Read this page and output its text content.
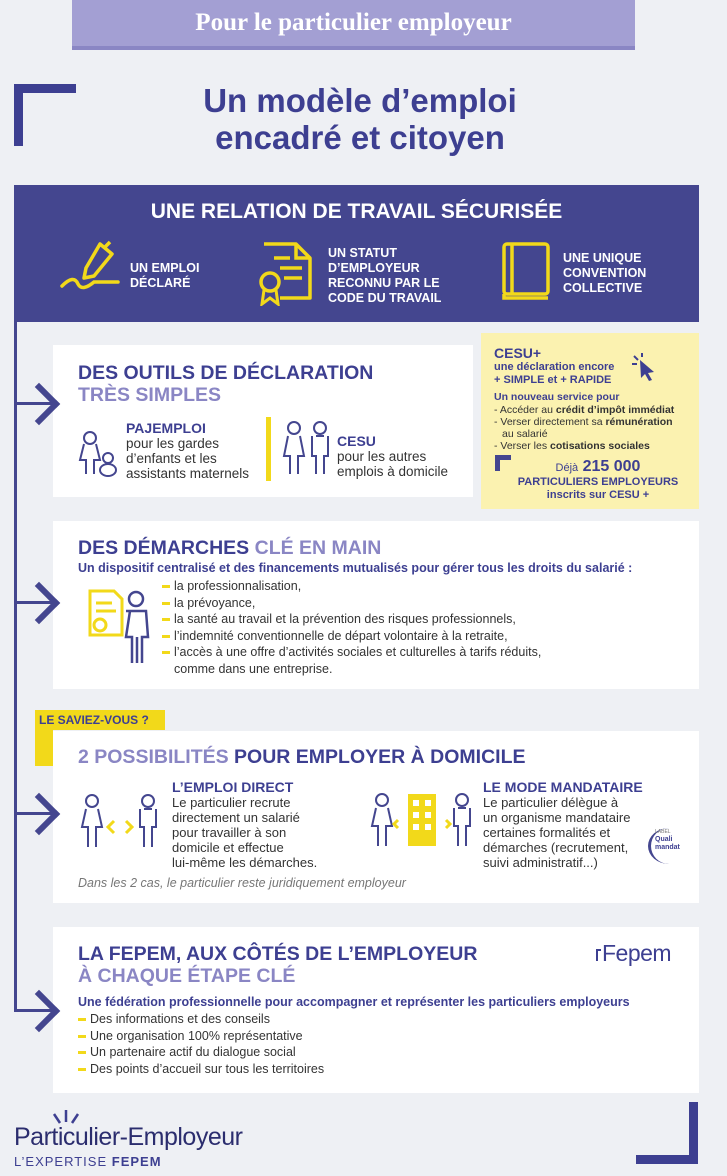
Pour le particulier employeur
Un modèle d’emploi
encadré et citoyen
UNE RELATION DE TRAVAIL SÉCURISÉE
UN EMPLOI
DÉCLARÉ
UN STATUT
D’EMPLOYEUR
RECONNU PAR LE
CODE DU TRAVAIL
UNE UNIQUE
CONVENTION
COLLECTIVE
DES OUTILS DE DÉCLARATION
TRÈS SIMPLES
PAJEMPLOI
pour les gardes
d’enfants et les
assistants maternels
CESU
pour les autres
emplois à domicile
CESU+
une déclaration encore
+ SIMPLE et + RAPIDE
Un nouveau service pour
- Accéder au crédit d’impôt immédiat
- Verser directement sa rémunération
au salarié
- Verser les cotisations sociales
Déjà 215 000
PARTICULIERS EMPLOYEURS
inscrits sur CESU +
DES DÉMARCHES CLÉ EN MAIN
Un dispositif centralisé et des financements mutualisés pour gérer tous les droits du salarié :
la professionnalisation,
la prévoyance,
la santé au travail et la prévention des risques professionnels,
l’indemnité conventionnelle de départ volontaire à la retraite,
l’accès à une offre d’activités sociales et culturelles à tarifs réduits,
comme dans une entreprise.
LE SAVIEZ-VOUS ?
2 POSSIBILITÉS POUR EMPLOYER À DOMICILE
L’EMPLOI DIRECT
Le particulier recrute
directement un salarié
pour travailler à son
domicile et effectue
lui-même les démarches.
LE MODE MANDATAIRE
Le particulier délègue à
un organisme mandataire
certaines formalités et
démarches (recrutement,
suivi administratif...)
LABEL
Quali
mandat
Dans les 2 cas, le particulier reste juridiquement employeur
LA FEPEM, AUX CÔTÉS DE L’EMPLOYEUR
À CHAQUE ÉTAPE CLÉ
Fepem
Une fédération professionnelle pour accompagner et représenter les particuliers employeurs
Des informations et des conseils
Une organisation 100% représentative
Un partenaire actif du dialogue social
Des points d’accueil sur tous les territoires
Particulier-Employeur
L’EXPERTISE FEPEM
